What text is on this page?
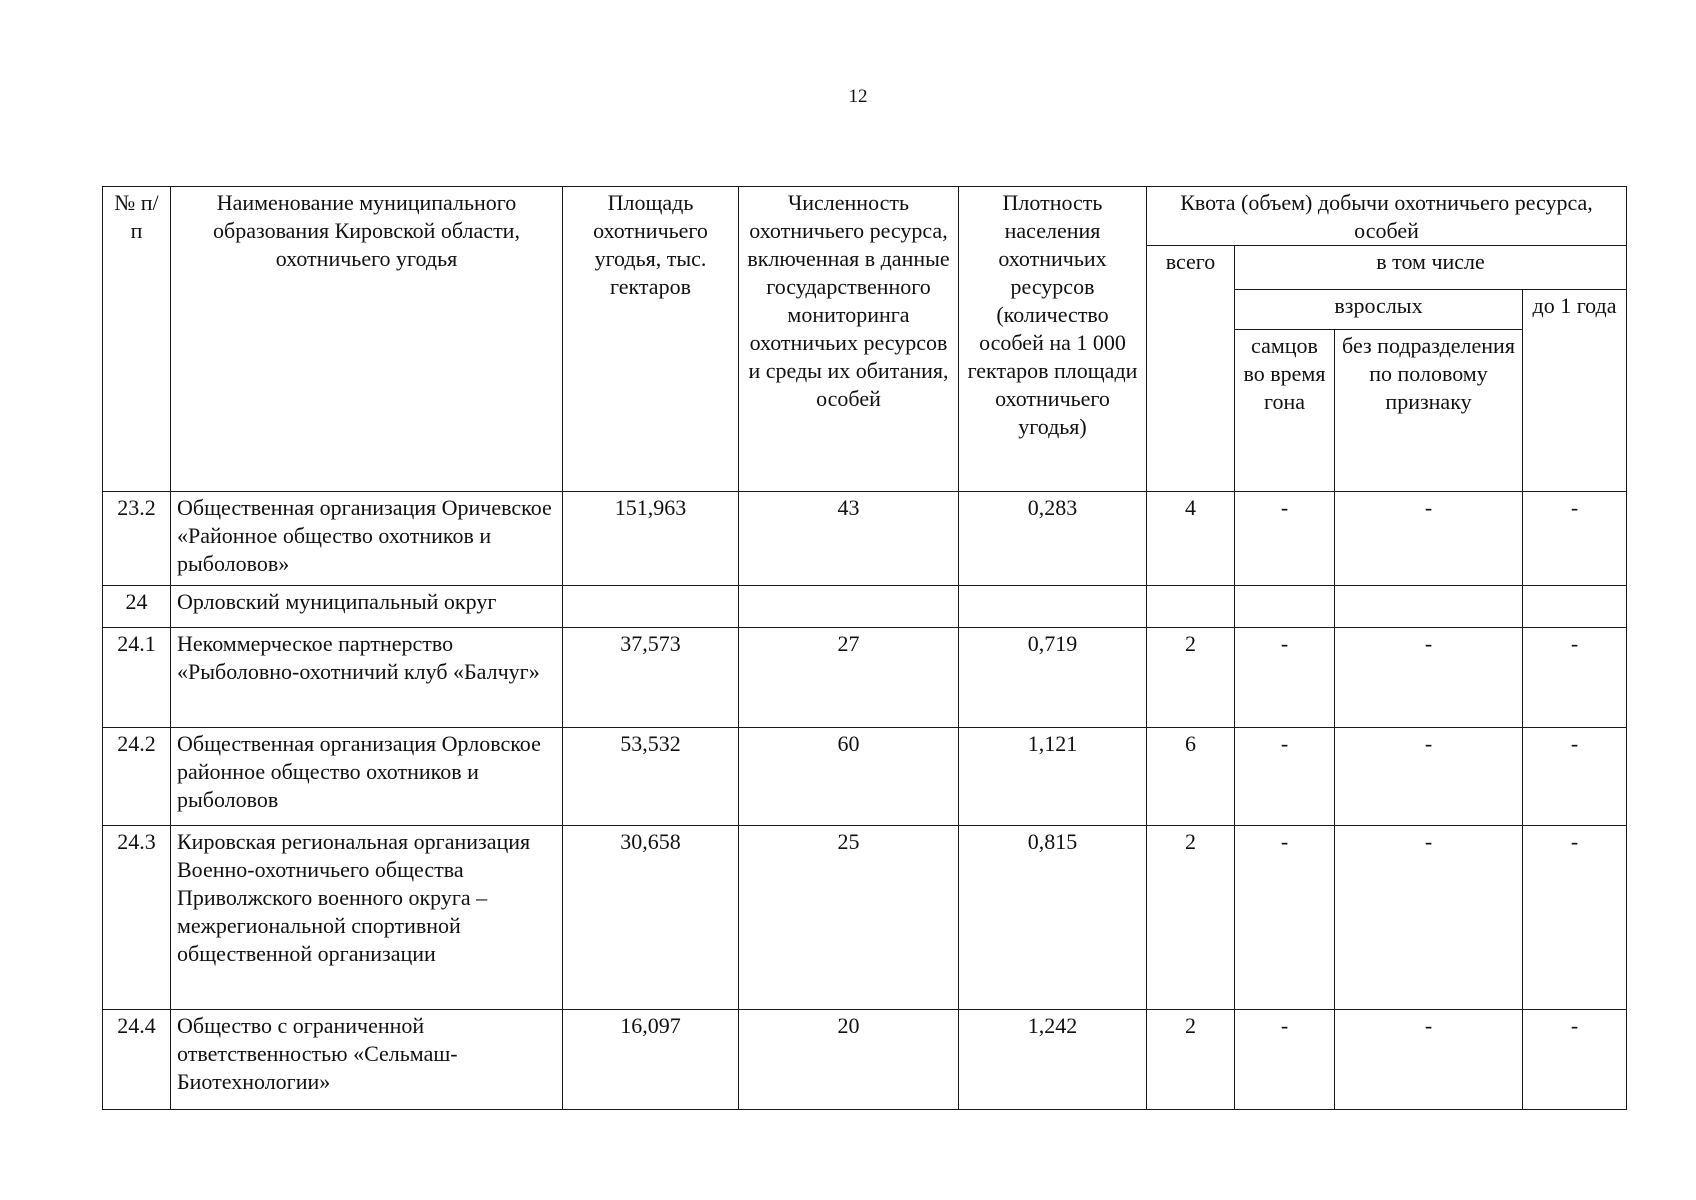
12
№ п/п	Наименование муниципального образования Кировской области, охотничьего угодья	Площадь охотничьего угодья, тыс. гектаров	Численность охотничьего ресурса, включенная в данные государственного мониторинга охотничьих ресурсов и среды их обитания, особей	Плотность населения охотничьих ресурсов (количество особей на 1 000 гектаров площади охотничьего угодья)	Квота (объем) добычи охотничьего ресурса, особей			
					всего	в том числе		
						взрослых		до 1 года
						самцов во время гона	без подразделения по половому признаку	
23.2	Общественная организация Оричевское «Районное общество охотников и рыболовов»	151,963	43	0,283	4	-	-	-
24	Орловский муниципальный округ							
24.1	Некоммерческое партнерство «Рыболовно-охотничий клуб «Балчуг»	37,573	27	0,719	2	-	-	-
24.2	Общественная организация Орловское районное общество охотников и рыболовов	53,532	60	1,121	6	-	-	-
24.3	Кировская региональная организация Военно-охотничьего общества Приволжского военного округа – межрегиональной спортивной общественной организации	30,658	25	0,815	2	-	-	-
24.4	Общество с ограниченной ответственностью «Сельмаш-Биотехнологии»	16,097	20	1,242	2	-	-	-
